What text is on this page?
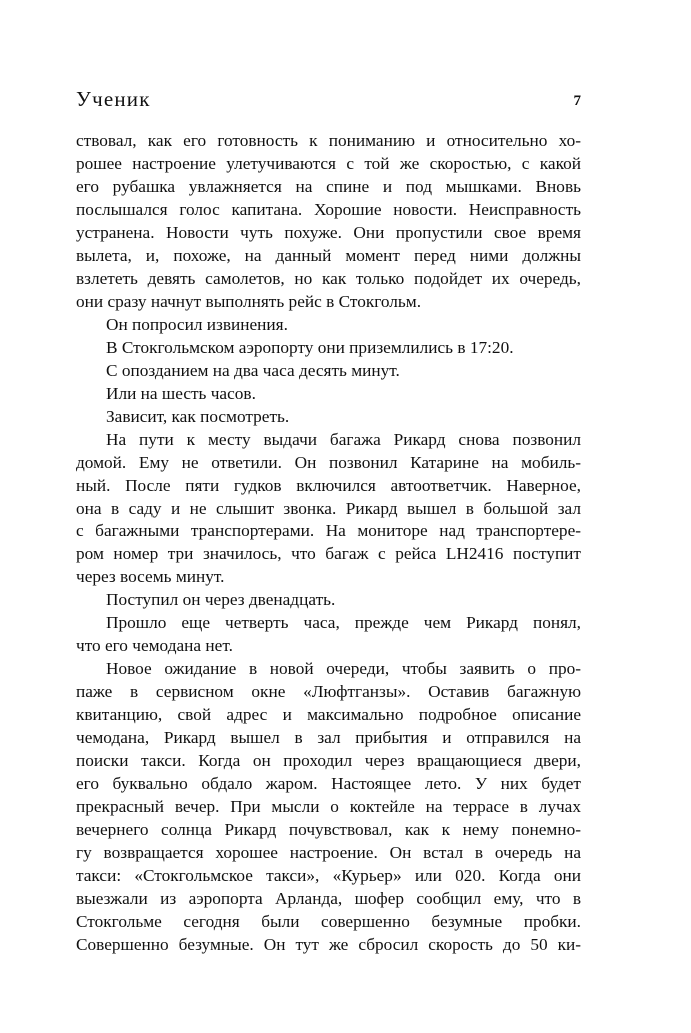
Ученик	7
ствовал, как его готовность к пониманию и относительно хо-
рошее настроение улетучиваются с той же скоростью, с какой
его рубашка увлажняется на спине и под мышками. Вновь
послышался голос капитана. Хорошие новости. Неисправность
устранена. Новости чуть похуже. Они пропустили свое время
вылета, и, похоже, на данный момент перед ними должны
взлететь девять самолетов, но как только подойдет их очередь,
они сразу начнут выполнять рейс в Стокгольм.
Он попросил извинения.
В Стокгольмском аэропорту они приземлились в 17:20.
С опозданием на два часа десять минут.
Или на шесть часов.
Зависит, как посмотреть.
На пути к месту выдачи багажа Рикард снова позвонил
домой. Ему не ответили. Он позвонил Катарине на мобиль-
ный. После пяти гудков включился автоответчик. Наверное,
она в саду и не слышит звонка. Рикард вышел в большой зал
с багажными транспортерами. На мониторе над транспортере-
ром номер три значилось, что багаж с рейса LH2416 поступит
через восемь минут.
Поступил он через двенадцать.
Прошло еще четверть часа, прежде чем Рикард понял,
что его чемодана нет.
Новое ожидание в новой очереди, чтобы заявить о про-
паже в сервисном окне «Люфтганзы». Оставив багажную
квитанцию, свой адрес и максимально подробное описание
чемодана, Рикард вышел в зал прибытия и отправился на
поиски такси. Когда он проходил через вращающиеся двери,
его буквально обдало жаром. Настоящее лето. У них будет
прекрасный вечер. При мысли о коктейле на террасе в лучах
вечернего солнца Рикард почувствовал, как к нему понемно-
гу возвращается хорошее настроение. Он встал в очередь на
такси: «Стокгольмское такси», «Курьер» или 020. Когда они
выезжали из аэропорта Арланда, шофер сообщил ему, что в
Стокгольме сегодня были совершенно безумные пробки.
Совершенно безумные. Он тут же сбросил скорость до 50 ки-
